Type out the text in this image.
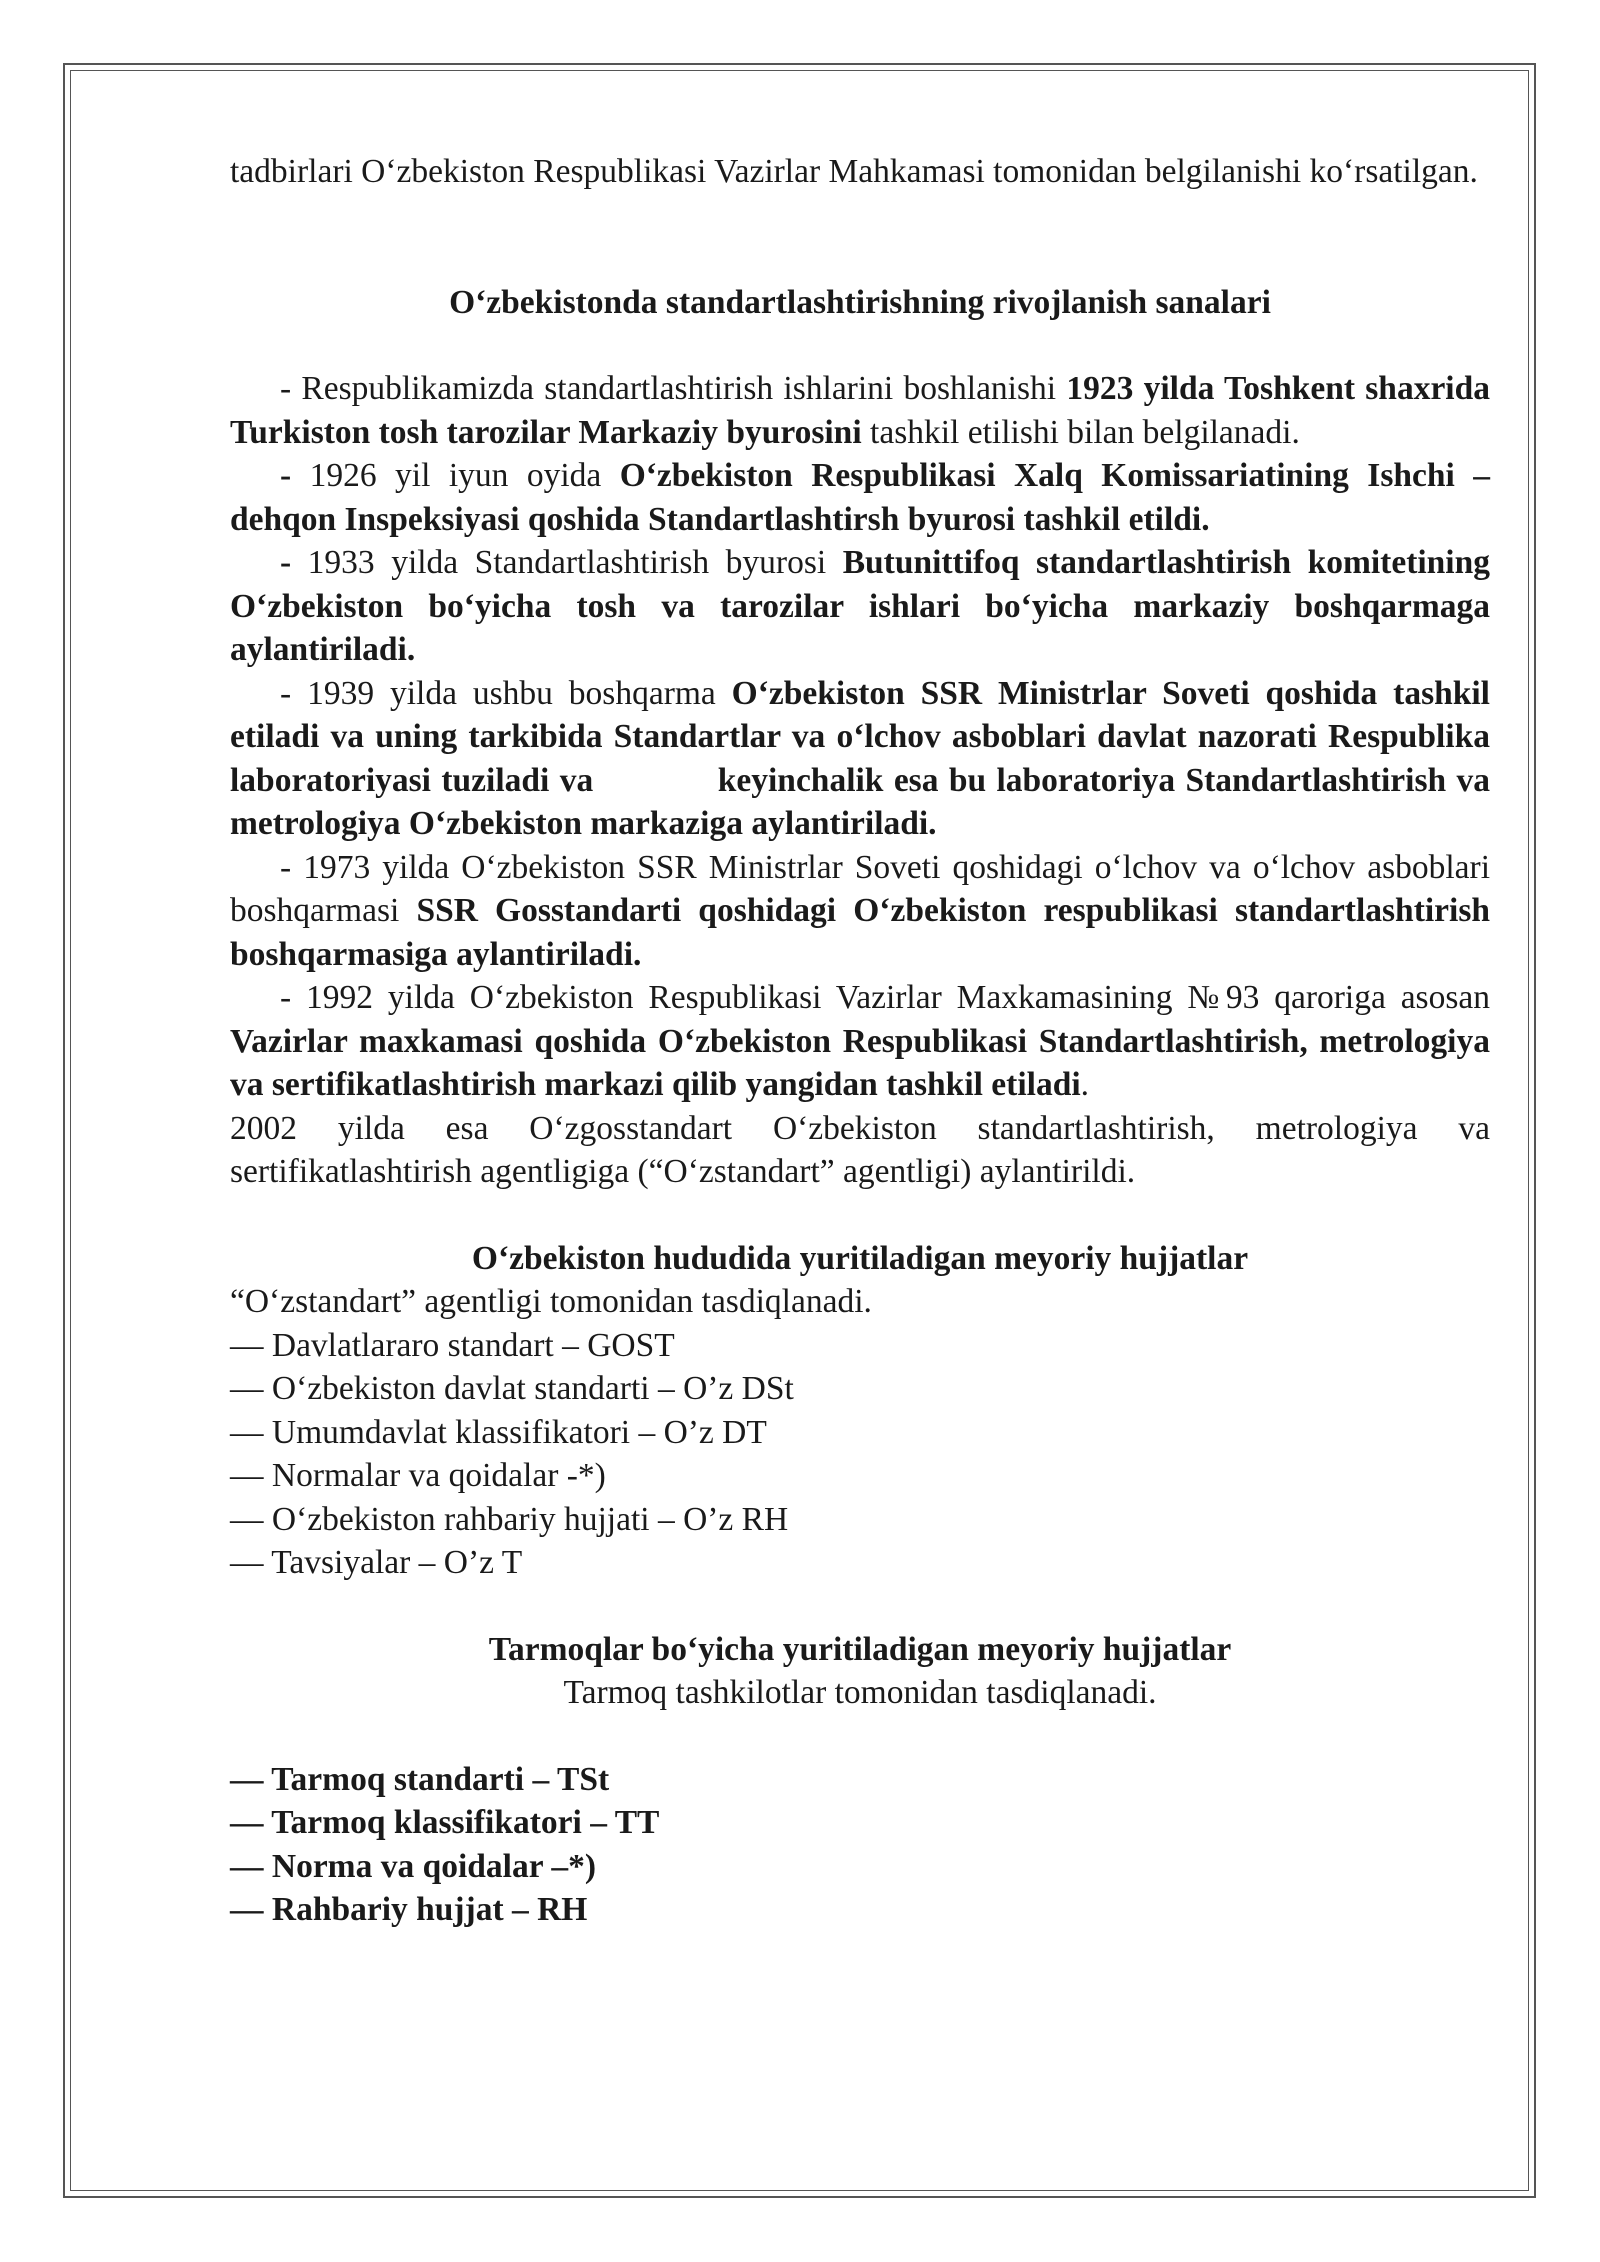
tadbirlari O‘zbekiston Respublikasi Vazirlar Mahkamasi tomonidan belgilanishi ko‘rsatilgan.

O‘zbekistonda standartlashtirishning rivojlanish sanalari

- Respublikamizda standartlashtirish ishlarini boshlanishi 1923 yilda Toshkent shaxrida Turkiston tosh tarozilar Markaziy byurosini tashkil etilishi bilan belgilanadi.

- 1926 yil iyun oyida O‘zbekiston Respublikasi Xalq Komissariatining Ishchi – dehqon Inspeksiyasi qoshida Standartlashtirsh byurosi tashkil etildi.

- 1933 yilda Standartlashtirish byurosi Butunittifoq standartlashtirish komitetining O‘zbekiston bo‘yicha tosh va tarozilar ishlari bo‘yicha markaziy boshqarmaga aylantiriladi.

- 1939 yilda ushbu boshqarma O‘zbekiston SSR Ministrlar Soveti qoshida tashkil etiladi va uning tarkibida Standartlar va o‘lchov asboblari davlat nazorati Respublika laboratoriyasi tuziladi va            keyinchalik esa bu laboratoriya Standartlashtirish va metrologiya O‘zbekiston markaziga aylantiriladi.

- 1973 yilda O‘zbekiston SSR Ministrlar Soveti qoshidagi o‘lchov va o‘lchov asboblari boshqarmasi SSR Gosstandarti qoshidagi O‘zbekiston respublikasi standartlashtirish boshqarmasiga aylantiriladi.

- 1992 yilda O‘zbekiston Respublikasi Vazirlar Maxkamasining №93 qaroriga asosan Vazirlar maxkamasi qoshida O‘zbekiston Respublikasi Standartlashtirish, metrologiya va sertifikatlashtirish markazi qilib yangidan tashkil etiladi.

2002 yilda esa O‘zgosstandart O‘zbekiston standartlashtirish, metrologiya va sertifikatlashtirish agentligiga (“O‘zstandart” agentligi) aylantirildi.

O‘zbekiston hududida yuritiladigan meyoriy hujjatlar

“O‘zstandart” agentligi tomonidan tasdiqlanadi.

— Davlatlararo standart – GOST

— O‘zbekiston davlat standarti – O’z DSt

— Umumdavlat klassifikatori – O’z DT

— Normalar va qoidalar -*)

— O‘zbekiston rahbariy hujjati – O’z RH

— Tavsiyalar – O’z T

Tarmoqlar bo‘yicha yuritiladigan meyoriy hujjatlar

Tarmoq tashkilotlar tomonidan tasdiqlanadi.

— Tarmoq standarti – TSt

— Tarmoq klassifikatori – TT

— Norma va qoidalar –*)

— Rahbariy hujjat – RH
